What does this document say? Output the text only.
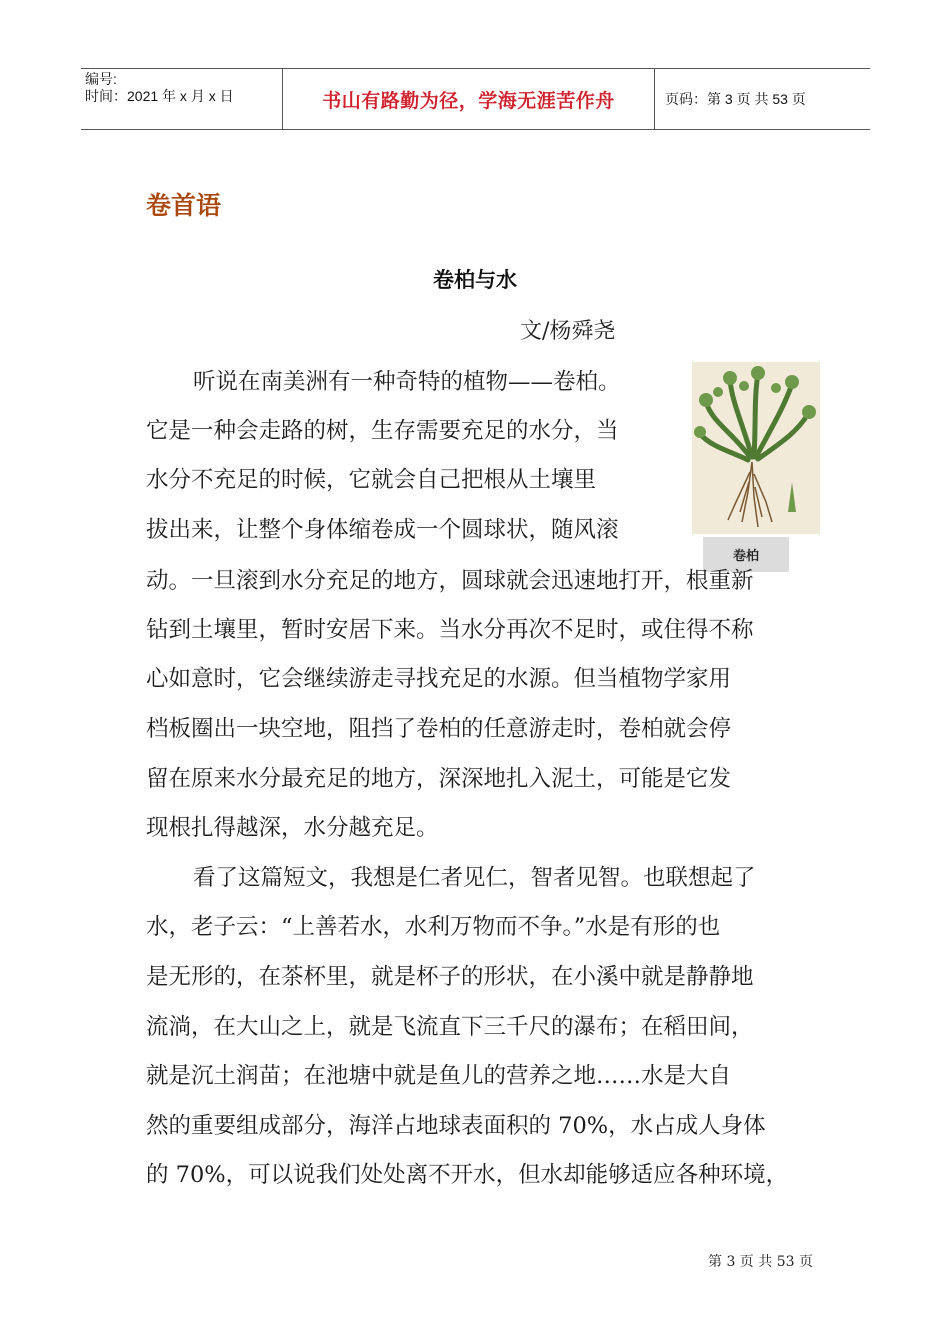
编号:
时间：2021 年 x 月 x 日	书山有路勤为径，学海无涯苦作舟	页码：第 3 页 共 53 页
卷首语
卷柏与水
文/杨舜尧
卷柏
听说在南美洲有一种奇特的植物——卷柏。
它是一种会走路的树，生存需要充足的水分，当
水分不充足的时候，它就会自己把根从土壤里
拔出来，让整个身体缩卷成一个圆球状，随风滚
动。一旦滚到水分充足的地方，圆球就会迅速地打开，根重新
钻到土壤里，暂时安居下来。当水分再次不足时，或住得不称
心如意时，它会继续游走寻找充足的水源。但当植物学家用
档板圈出一块空地，阻挡了卷柏的任意游走时，卷柏就会停
留在原来水分最充足的地方，深深地扎入泥土，可能是它发
现根扎得越深，水分越充足。
看了这篇短文，我想是仁者见仁，智者见智。也联想起了
水，老子云：“上善若水，水利万物而不争。”水是有形的也
是无形的，在茶杯里，就是杯子的形状，在小溪中就是静静地
流淌，在大山之上，就是飞流直下三千尺的瀑布；在稻田间，
就是沉土润苗；在池塘中就是鱼儿的营养之地……水是大自
然的重要组成部分，海洋占地球表面积的 70%，水占成人身体
的 70%，可以说我们处处离不开水，但水却能够适应各种环境，
第 3 页 共 53 页
